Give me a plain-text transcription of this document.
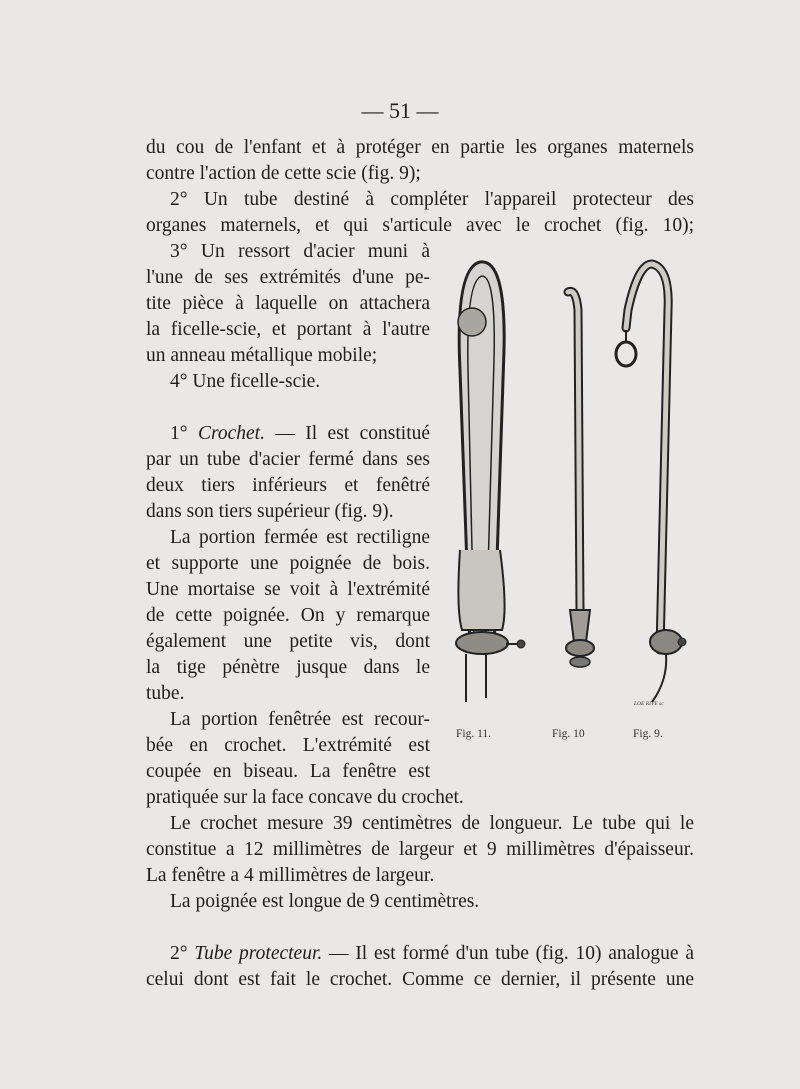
— 51 —

du cou de l'enfant et à protéger en partie les organes maternels

contre l'action de cette scie (fig. 9);

2° Un tube destiné à compléter l'appareil protecteur des

organes maternels, et qui s'articule avec le crochet (fig. 10);

3° Un ressort d'acier muni à

l'une de ses extrémités d'une pe-

tite pièce à laquelle on attachera

la ficelle-scie, et portant à l'autre

un anneau métallique mobile;

4° Une ficelle-scie.

1° Crochet. — Il est constitué

par un tube d'acier fermé dans ses

deux tiers inférieurs et fenêtré

dans son tiers supérieur (fig. 9).

La portion fermée est rectiligne

et supporte une poignée de bois.

Une mortaise se voit à l'extrémité

de cette poignée. On y remarque

également une petite vis, dont

la tige pénètre jusque dans le

tube.

La portion fenêtrée est recour-

bée en crochet. L'extrémité est

coupée en biseau. La fenêtre est

pratiquée sur la face concave du crochet.

Le crochet mesure 39 centimètres de longueur. Le tube qui le

constitue a 12 millimètres de largeur et 9 millimètres d'épaisseur.

La fenêtre a 4 millimètres de largeur.

La poignée est longue de 9 centimètres.

2° Tube protecteur. — Il est formé d'un tube (fig. 10) analogue à

celui dont est fait le crochet. Comme ce dernier, il présente une

LOE RIVE sc
Fig. 11.	Fig. 10	Fig. 9.
